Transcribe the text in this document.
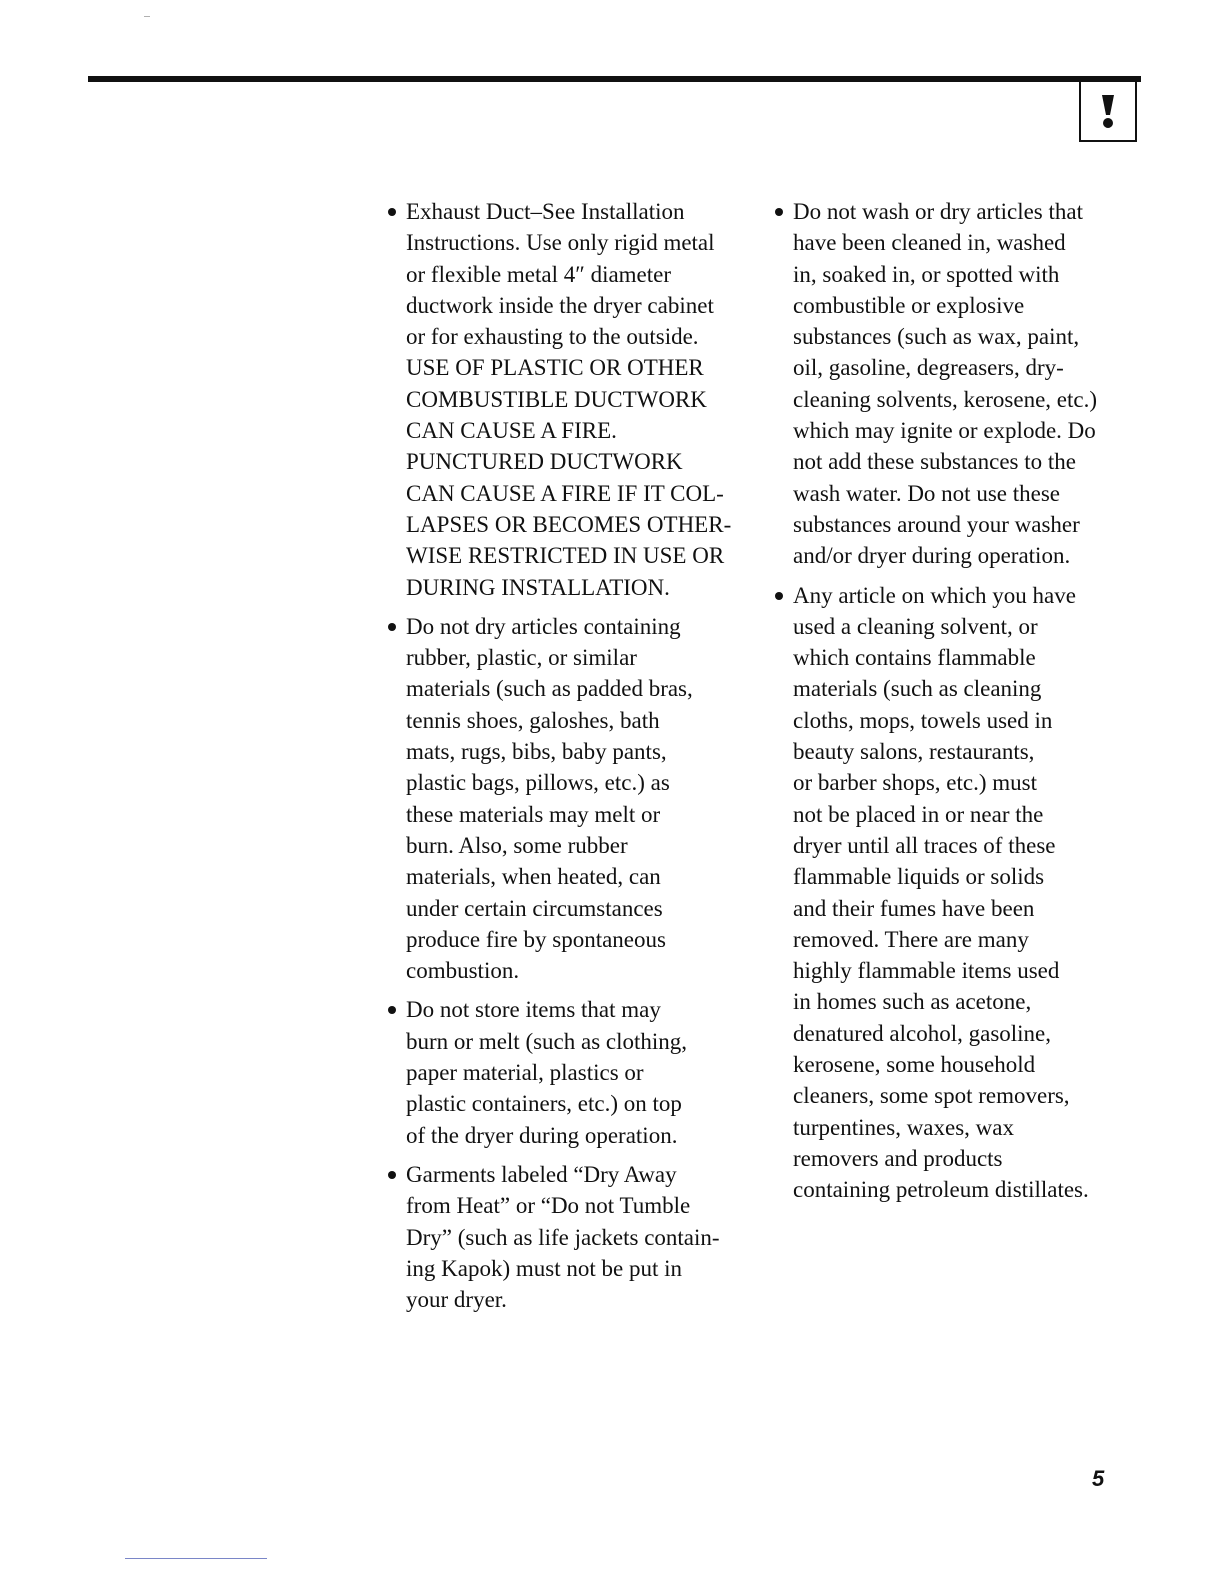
Exhaust Duct–See Installation
Instructions. Use only rigid metal
or flexible metal 4″ diameter
ductwork inside the dryer cabinet
or for exhausting to the outside.
USE OF PLASTIC OR OTHER
COMBUSTIBLE DUCTWORK
CAN CAUSE A FIRE.
PUNCTURED DUCTWORK
CAN CAUSE A FIRE IF IT COL-
LAPSES OR BECOMES OTHER-
WISE RESTRICTED IN USE OR
DURING INSTALLATION.
Do not dry articles containing
rubber, plastic, or similar
materials (such as padded bras,
tennis shoes, galoshes, bath
mats, rugs, bibs, baby pants,
plastic bags, pillows, etc.) as
these materials may melt or
burn. Also, some rubber
materials, when heated, can
under certain circumstances
produce fire by spontaneous
combustion.
Do not store items that may
burn or melt (such as clothing,
paper material, plastics or
plastic containers, etc.) on top
of the dryer during operation.
Garments labeled “Dry Away
from Heat” or “Do not Tumble
Dry” (such as life jackets contain-
ing Kapok) must not be put in
your dryer.
Do not wash or dry articles that
have been cleaned in, washed
in, soaked in, or spotted with
combustible or explosive
substances (such as wax, paint,
oil, gasoline, degreasers, dry-
cleaning solvents, kerosene, etc.)
which may ignite or explode. Do
not add these substances to the
wash water. Do not use these
substances around your washer
and/or dryer during operation.
Any article on which you have
used a cleaning solvent, or
which contains flammable
materials (such as cleaning
cloths, mops, towels used in
beauty salons, restaurants,
or barber shops, etc.) must
not be placed in or near the
dryer until all traces of these
flammable liquids or solids
and their fumes have been
removed. There are many
highly flammable items used
in homes such as acetone,
denatured alcohol, gasoline,
kerosene, some household
cleaners, some spot removers,
turpentines, waxes, wax
removers and products
containing petroleum distillates.
5
